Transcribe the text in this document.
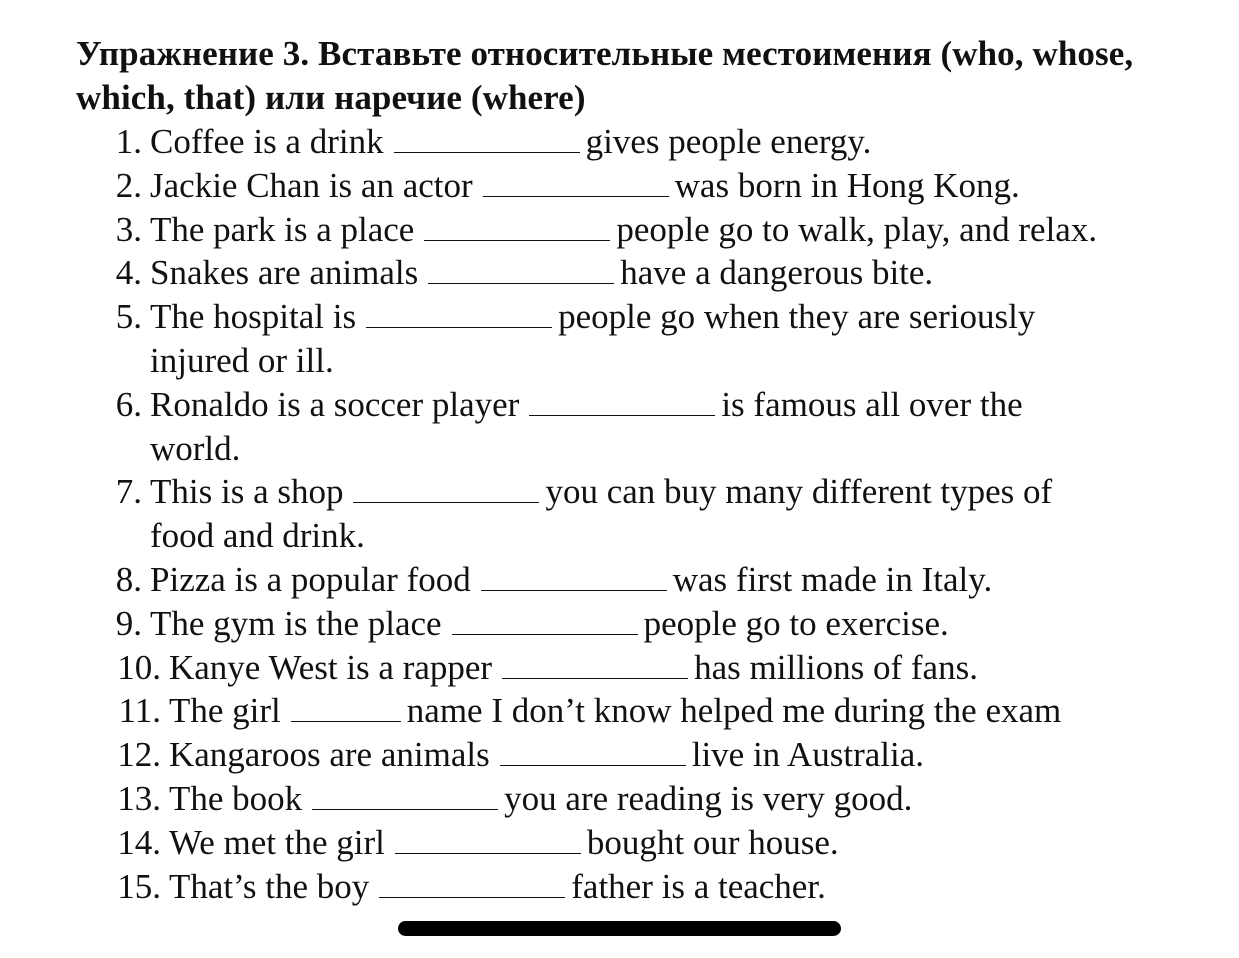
Упражнение 3. Вставьте относительные местоимения (who, whose, which, that) или наречие (where)
1. Coffee is a drink	gives people energy.
2. Jackie Chan is an actor	was born in Hong Kong.
3. The park is a place	people go to walk, play, and relax.
4. Snakes are animals	have a dangerous bite.
5. The hospital is	people go when they are seriously
injured or ill.
6. Ronaldo is a soccer player	is famous all over the
world.
7. This is a shop	you can buy many different types of
food and drink.
8. Pizza is a popular food	was first made in Italy.
9. The gym is the place	people go to exercise.
10. Kanye West is a rapper	has millions of fans.
11. The girl	name I don’t know helped me during the exam
12. Kangaroos are animals	live in Australia.
13. The book	you are reading is very good.
14. We met the girl	bought our house.
15. That’s the boy	father is a teacher.
